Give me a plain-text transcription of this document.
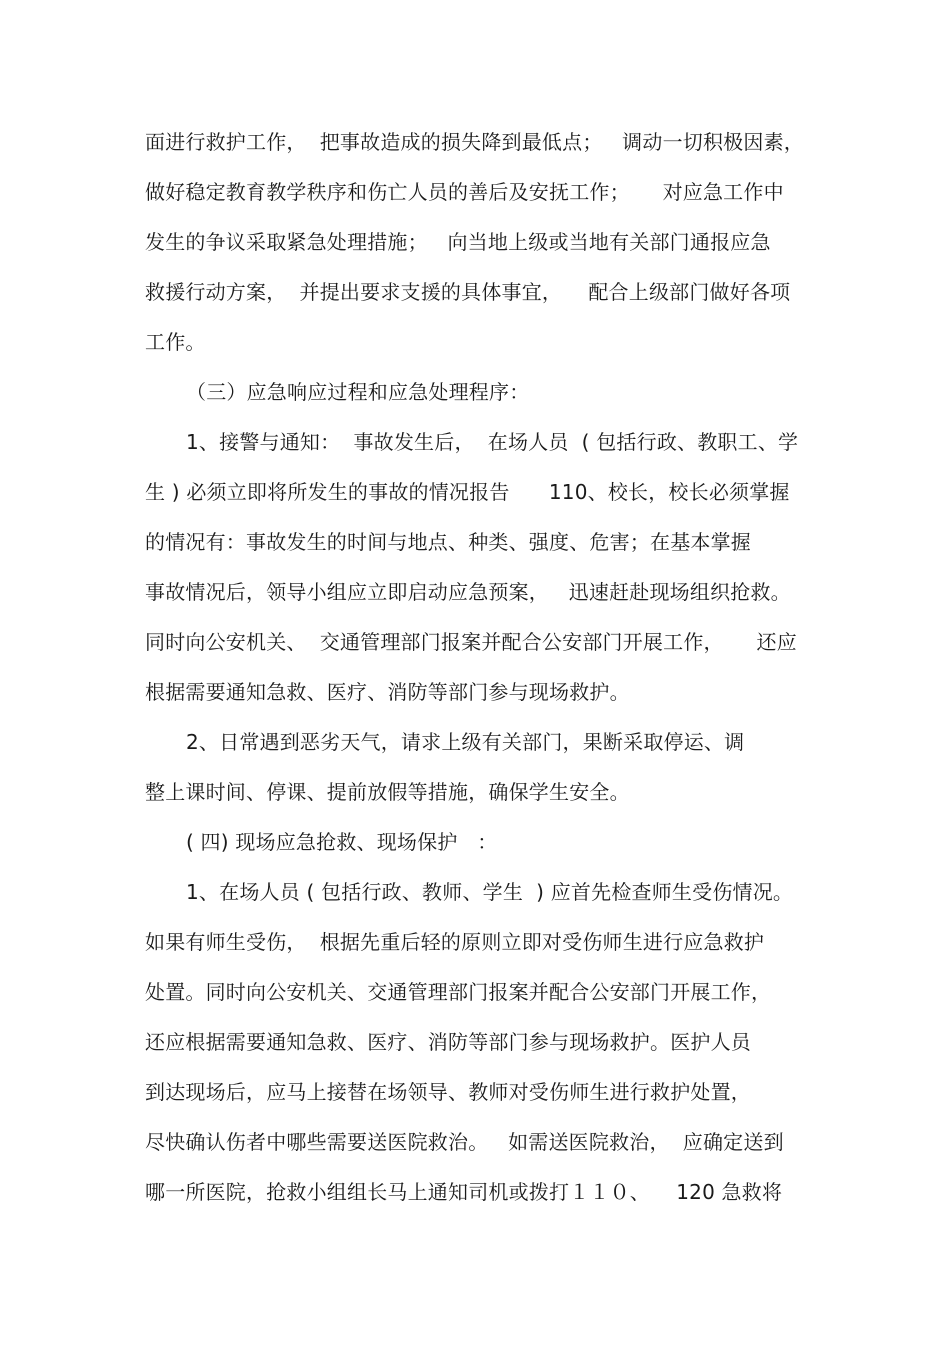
面进行救护工作，  把事故造成的损失降到最低点；   调动一切积极因素，
做好稳定教育教学秩序和伤亡人员的善后及安抚工作；     对应急工作中
发生的争议采取紧急处理措施；   向当地上级或当地有关部门通报应急
救援行动方案，  并提出要求支援的具体事宜，    配合上级部门做好各项
工作。
（三）应急响应过程和应急处理程序：
1、接警与通知：  事故发生后，  在场人员  ( 包括行政、教职工、学
生 ) 必须立即将所发生的事故的情况报告      110、校长，校长必须掌握
的情况有：事故发生的时间与地点、种类、强度、危害；在基本掌握
事故情况后，领导小组应立即启动应急预案，   迅速赶赴现场组织抢救。
同时向公安机关、  交通管理部门报案并配合公安部门开展工作，     还应
根据需要通知急救、医疗、消防等部门参与现场救护。
2、日常遇到恶劣天气，请求上级有关部门，果断采取停运、调
整上课时间、停课、提前放假等措施，确保学生安全。
( 四) 现场应急抢救、现场保护   ：
1、在场人员 ( 包括行政、教师、学生  ) 应首先检查师生受伤情况。
如果有师生受伤，  根据先重后轻的原则立即对受伤师生进行应急救护
处置。同时向公安机关、交通管理部门报案并配合公安部门开展工作，
还应根据需要通知急救、医疗、消防等部门参与现场救护。医护人员
到达现场后，应马上接替在场领导、教师对受伤师生进行救护处置，
尽快确认伤者中哪些需要送医院救治。   如需送医院救治，  应确定送到
哪一所医院，抢救小组组长马上通知司机或拨打１１０、    120 急救将
